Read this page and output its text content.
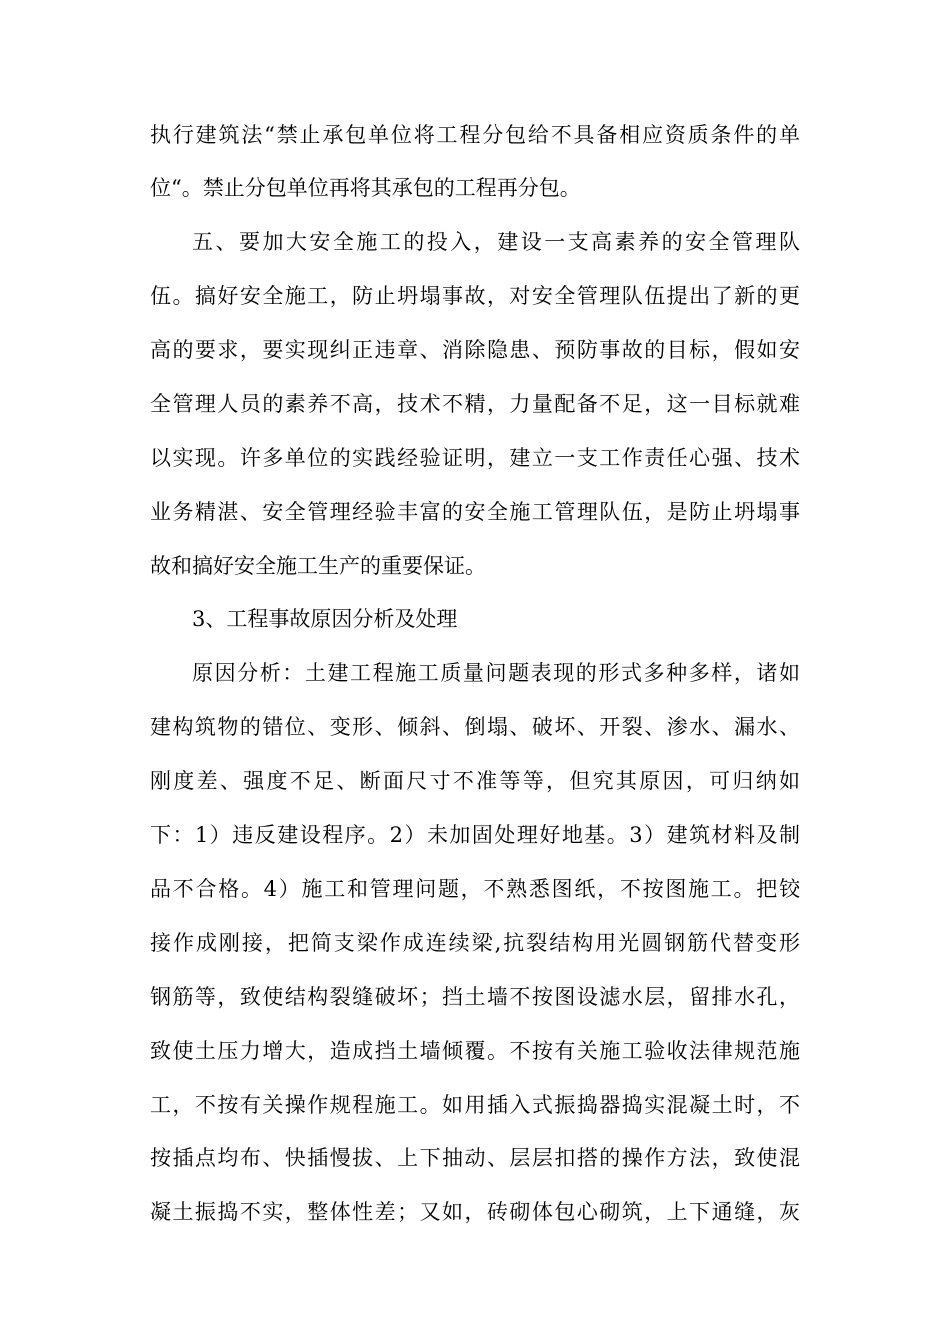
执行建筑法“禁止承包单位将工程分包给不具备相应资质条件的单
位“。禁止分包单位再将其承包的工程再分包。
五、要加大安全施工的投入，建设一支高素养的安全管理队
伍。搞好安全施工，防止坍塌事故，对安全管理队伍提出了新的更
高的要求，要实现纠正违章、消除隐患、预防事故的目标，假如安
全管理人员的素养不高，技术不精，力量配备不足，这一目标就难
以实现。许多单位的实践经验证明，建立一支工作责任心强、技术
业务精湛、安全管理经验丰富的安全施工管理队伍，是防止坍塌事
故和搞好安全施工生产的重要保证。
3、工程事故原因分析及处理
原因分析：土建工程施工质量问题表现的形式多种多样，诸如
建构筑物的错位、变形、倾斜、倒塌、破坏、开裂、渗水、漏水、
刚度差、强度不足、断面尺寸不准等等，但究其原因，可归纳如
下：1）违反建设程序。2）未加固处理好地基。3）建筑材料及制
品不合格。4）施工和管理问题，不熟悉图纸，不按图施工。把铰
接作成刚接，把简支梁作成连续梁,抗裂结构用光圆钢筋代替变形
钢筋等，致使结构裂缝破坏；挡土墙不按图设滤水层，留排水孔，
致使土压力增大，造成挡土墙倾覆。不按有关施工验收法律规范施
工，不按有关操作规程施工。如用插入式振捣器捣实混凝土时，不
按插点均布、快插慢拔、上下抽动、层层扣搭的操作方法，致使混
凝土振捣不实，整体性差；又如，砖砌体包心砌筑，上下通缝，灰
